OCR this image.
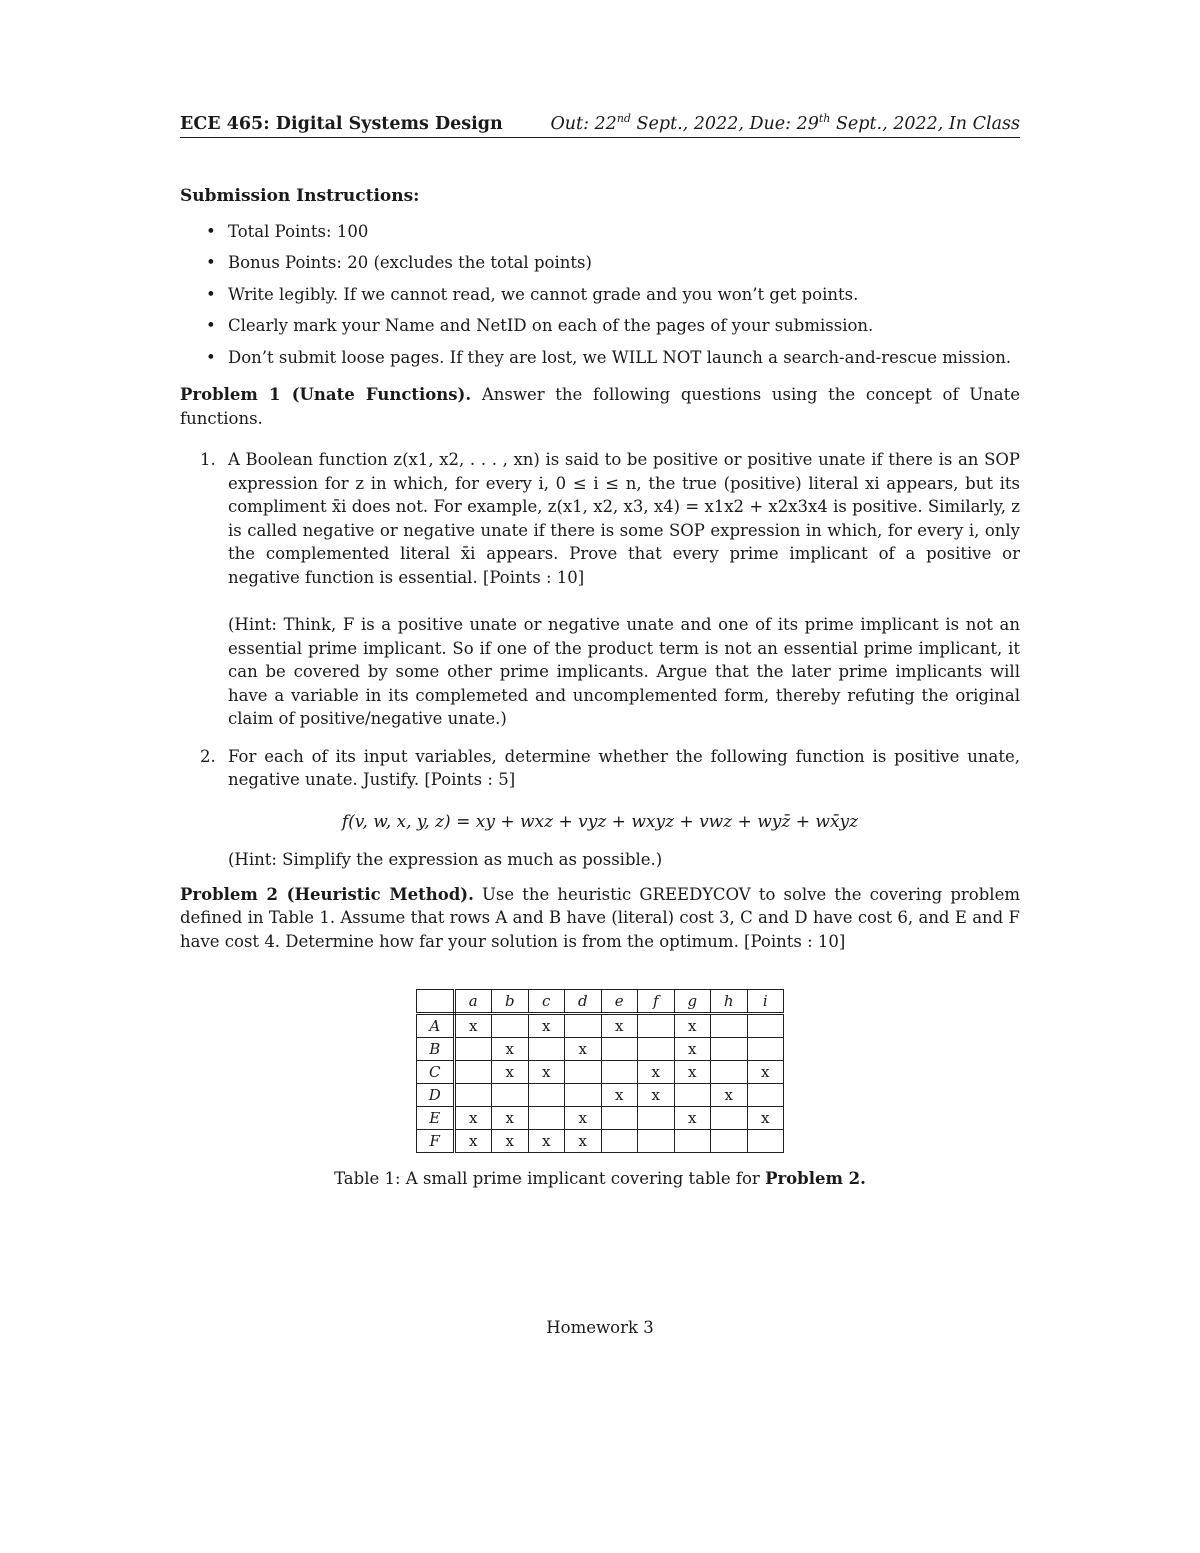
ECE 465: Digital Systems Design	Out: 22nd Sept., 2022, Due: 29th Sept., 2022, In Class
Submission Instructions:
• Total Points: 100
• Bonus Points: 20 (excludes the total points)
• Write legibly. If we cannot read, we cannot grade and you won’t get points.
• Clearly mark your Name and NetID on each of the pages of your submission.
• Don’t submit loose pages. If they are lost, we WILL NOT launch a search-and-rescue mission.
Problem 1 (Unate Functions). Answer the following questions using the concept of Unate functions.
1. A Boolean function z(x1, x2, . . . , xn) is said to be positive or positive unate if there is an SOP expression for z in which, for every i, 0 ≤ i ≤ n, the true (positive) literal xi appears, but its compliment x̄i does not. For example, z(x1, x2, x3, x4) = x1x2 + x2x3x4 is positive. Similarly, z is called negative or negative unate if there is some SOP expression in which, for every i, only the complemented literal x̄i appears. Prove that every prime implicant of a positive or negative function is essential. [Points : 10]
(Hint: Think, F is a positive unate or negative unate and one of its prime implicant is not an essential prime implicant. So if one of the product term is not an essential prime implicant, it can be covered by some other prime implicants. Argue that the later prime implicants will have a variable in its complemeted and uncomplemented form, thereby refuting the original claim of positive/negative unate.)
2. For each of its input variables, determine whether the following function is positive unate, negative unate. Justify. [Points : 5]
f(v, w, x, y, z) = xy + wxz + vyz + wxyz + vwz + wyz̄ + wx̄yz
(Hint: Simplify the expression as much as possible.)
Problem 2 (Heuristic Method). Use the heuristic GREEDYCOV to solve the covering problem defined in Table 1. Assume that rows A and B have (literal) cost 3, C and D have cost 6, and E and F have cost 4. Determine how far your solution is from the optimum. [Points : 10]
	a	b	c	d	e	f	g	h	i
A	x		x		x		x		
B		x		x			x		
C		x	x			x	x		x
D					x	x		x	
E	x	x		x			x		x
F	x	x	x	x					
Table 1: A small prime implicant covering table for Problem 2.
Homework 3
